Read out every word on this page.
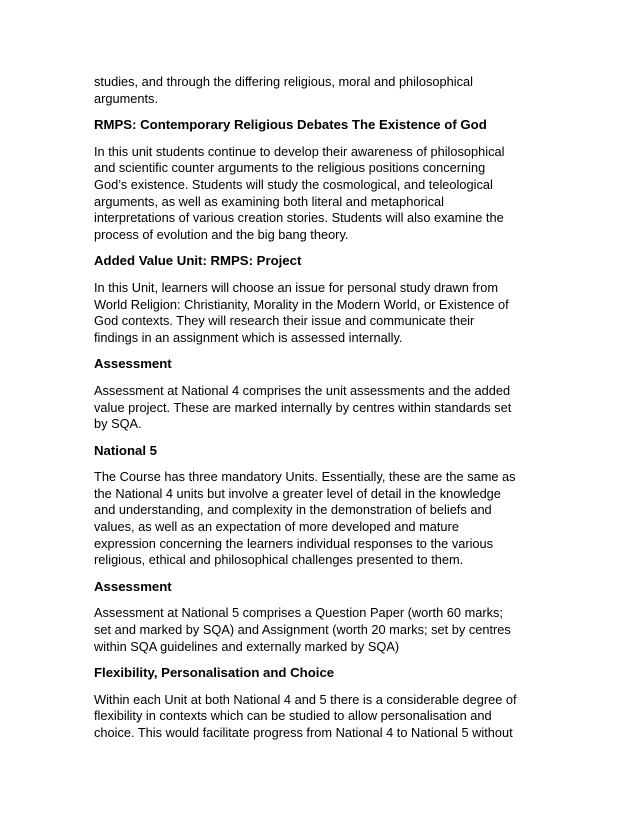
studies, and through the differing religious, moral and philosophical
arguments.

RMPS: Contemporary Religious Debates The Existence of God

In this unit students continue to develop their awareness of philosophical
and scientific counter arguments to the religious positions concerning
God’s existence. Students will study the cosmological, and teleological
arguments, as well as examining both literal and metaphorical
interpretations of various creation stories. Students will also examine the
process of evolution and the big bang theory.

Added Value Unit: RMPS: Project

In this Unit, learners will choose an issue for personal study drawn from
World Religion: Christianity, Morality in the Modern World, or Existence of
God contexts. They will research their issue and communicate their
findings in an assignment which is assessed internally.

Assessment

Assessment at National 4 comprises the unit assessments and the added
value project. These are marked internally by centres within standards set
by SQA.

National 5

The Course has three mandatory Units. Essentially, these are the same as
the National 4 units but involve a greater level of detail in the knowledge
and understanding, and complexity in the demonstration of beliefs and
values, as well as an expectation of more developed and mature
expression concerning the learners individual responses to the various
religious, ethical and philosophical challenges presented to them.

Assessment

Assessment at National 5 comprises a Question Paper (worth 60 marks;
set and marked by SQA) and Assignment (worth 20 marks; set by centres
within SQA guidelines and externally marked by SQA)

Flexibility, Personalisation and Choice

Within each Unit at both National 4 and 5 there is a considerable degree of
flexibility in contexts which can be studied to allow personalisation and
choice. This would facilitate progress from National 4 to National 5 without
